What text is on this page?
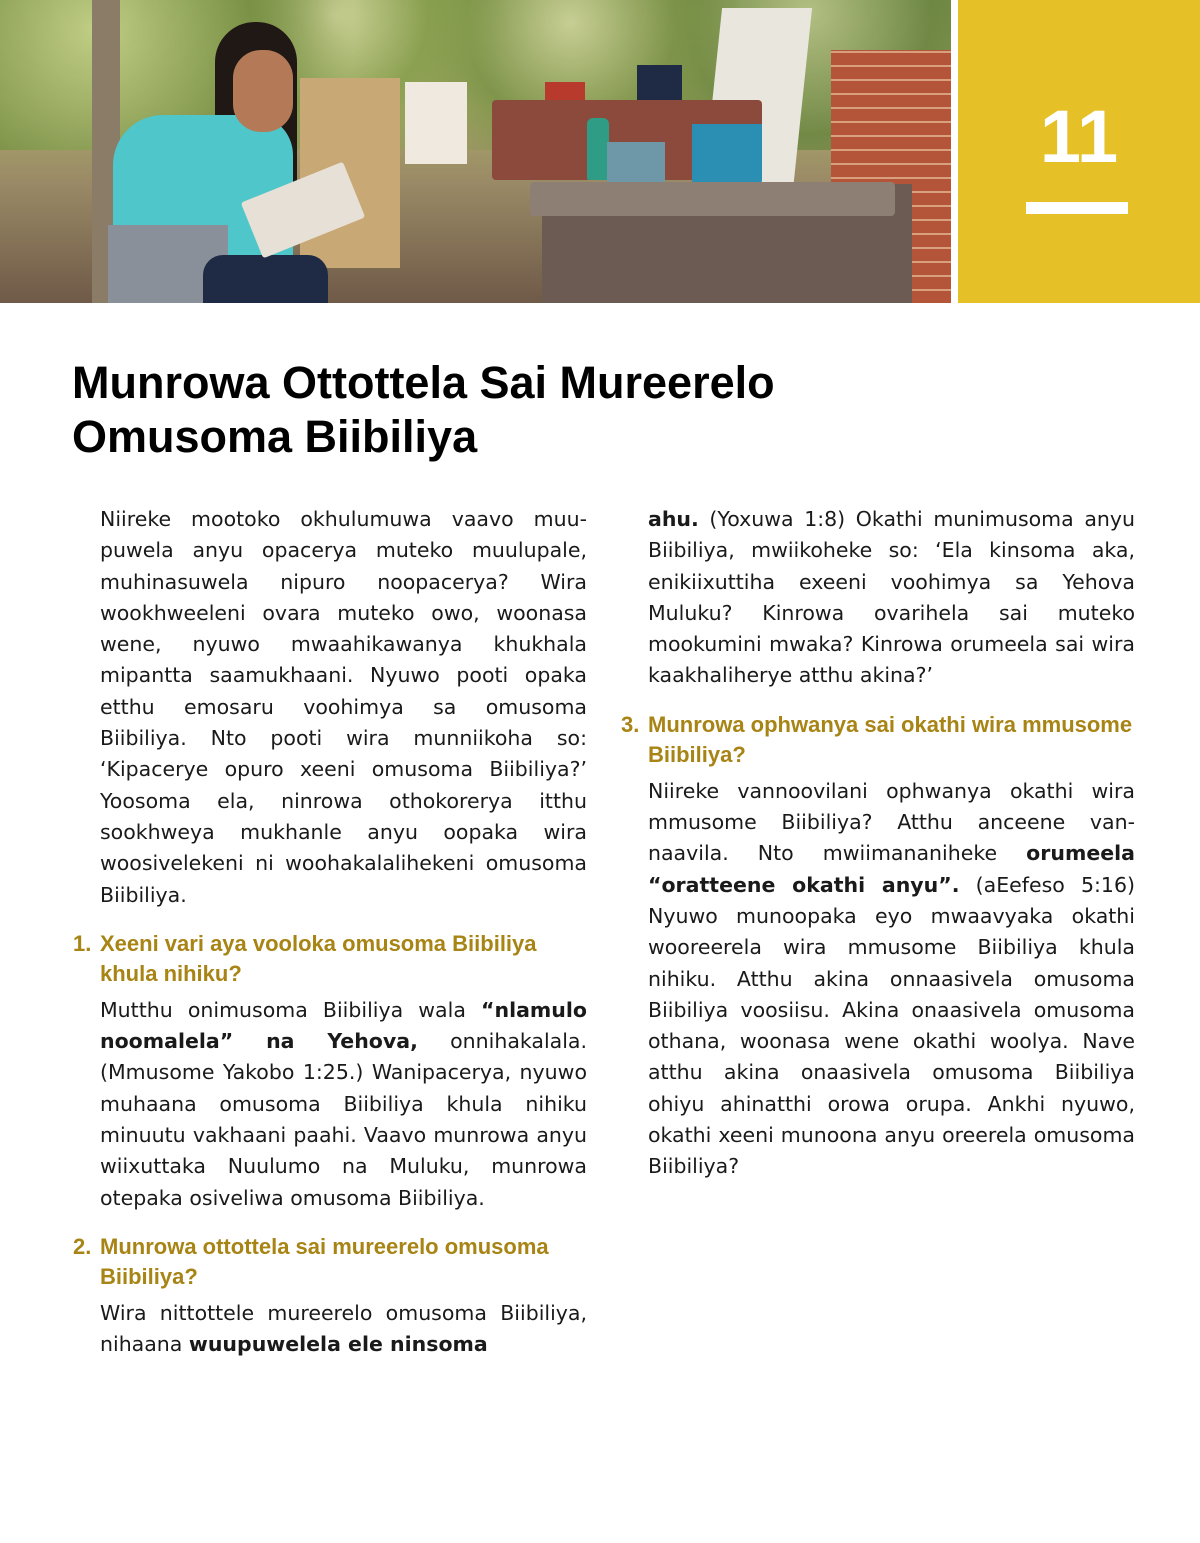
11
Munrowa Ottottela Sai Mureerelo
Omusoma Biibiliya

Niireke mootoko okhulumuwa vaavo muupuwela anyu opacerya muteko muulupale, muhinasuwela nipuro noopacerya? Wira wookhweeleni ovara muteko owo, woonasa wene, nyuwo mwaahikawanya khukhala mipantta saamukhaani. Nyuwo pooti opaka etthu emosaru voohimya sa omusoma Biibiliya. Nto pooti wira munniikoha so: ‘Kipacerye opuro xeeni omusoma Biibiliya?’ Yoosoma ela, ninrowa othokorerya itthu sookhweya mukhanle anyu oopaka wira woosivelekeni ni woohakalalihekeni omusoma Biibiliya.

1. Xeeni vari aya vooloka omusoma Biibiliya khula nihiku?

Mutthu onimusoma Biibiliya wala “nlamulo noomalela” na Yehova, onnihakalala. (Mmusome Yakobo 1:25.) Wanipacerya, nyuwo muhaana omusoma Biibiliya khula nihiku minuutu vakhaani paahi. Vaavo munrowa anyu wiixuttaka Nuulumo na Muluku, munrowa otepaka osiveliwa omusoma Biibiliya.

2. Munrowa ottottela sai mureerelo omusoma Biibiliya?

Wira nittottele mureerelo omusoma Biibiliya, nihaana wuupuwelela ele ninsoma

ahu. (Yoxuwa 1:8) Okathi munimusoma anyu Biibiliya, mwiikoheke so: ‘Ela kinsoma aka, enikiixuttiha exeeni voohimya sa Yehova Muluku? Kinrowa ovarihela sai muteko mookumini mwaka? Kinrowa orumeela sai wira kaakhaliherye atthu akina?’

3. Munrowa ophwanya sai okathi wira mmusome Biibiliya?

Niireke vannoovilani ophwanya okathi wira mmusome Biibiliya? Atthu anceene vannaavila. Nto mwiimananiheke orumeela “oratteene okathi anyu”. (aEefeso 5:16) Nyuwo munoopaka eyo mwaavyaka okathi wooreerela wira mmusome Biibiliya khula nihiku. Atthu akina onnaasivela omusoma Biibiliya voosiisu. Akina onaasivela omusoma othana, woonasa wene okathi woolya. Nave atthu akina onaasivela omusoma Biibiliya ohiyu ahinatthi orowa orupa. Ankhi nyuwo, okathi xeeni munoona anyu oreerela omusoma Biibiliya?
